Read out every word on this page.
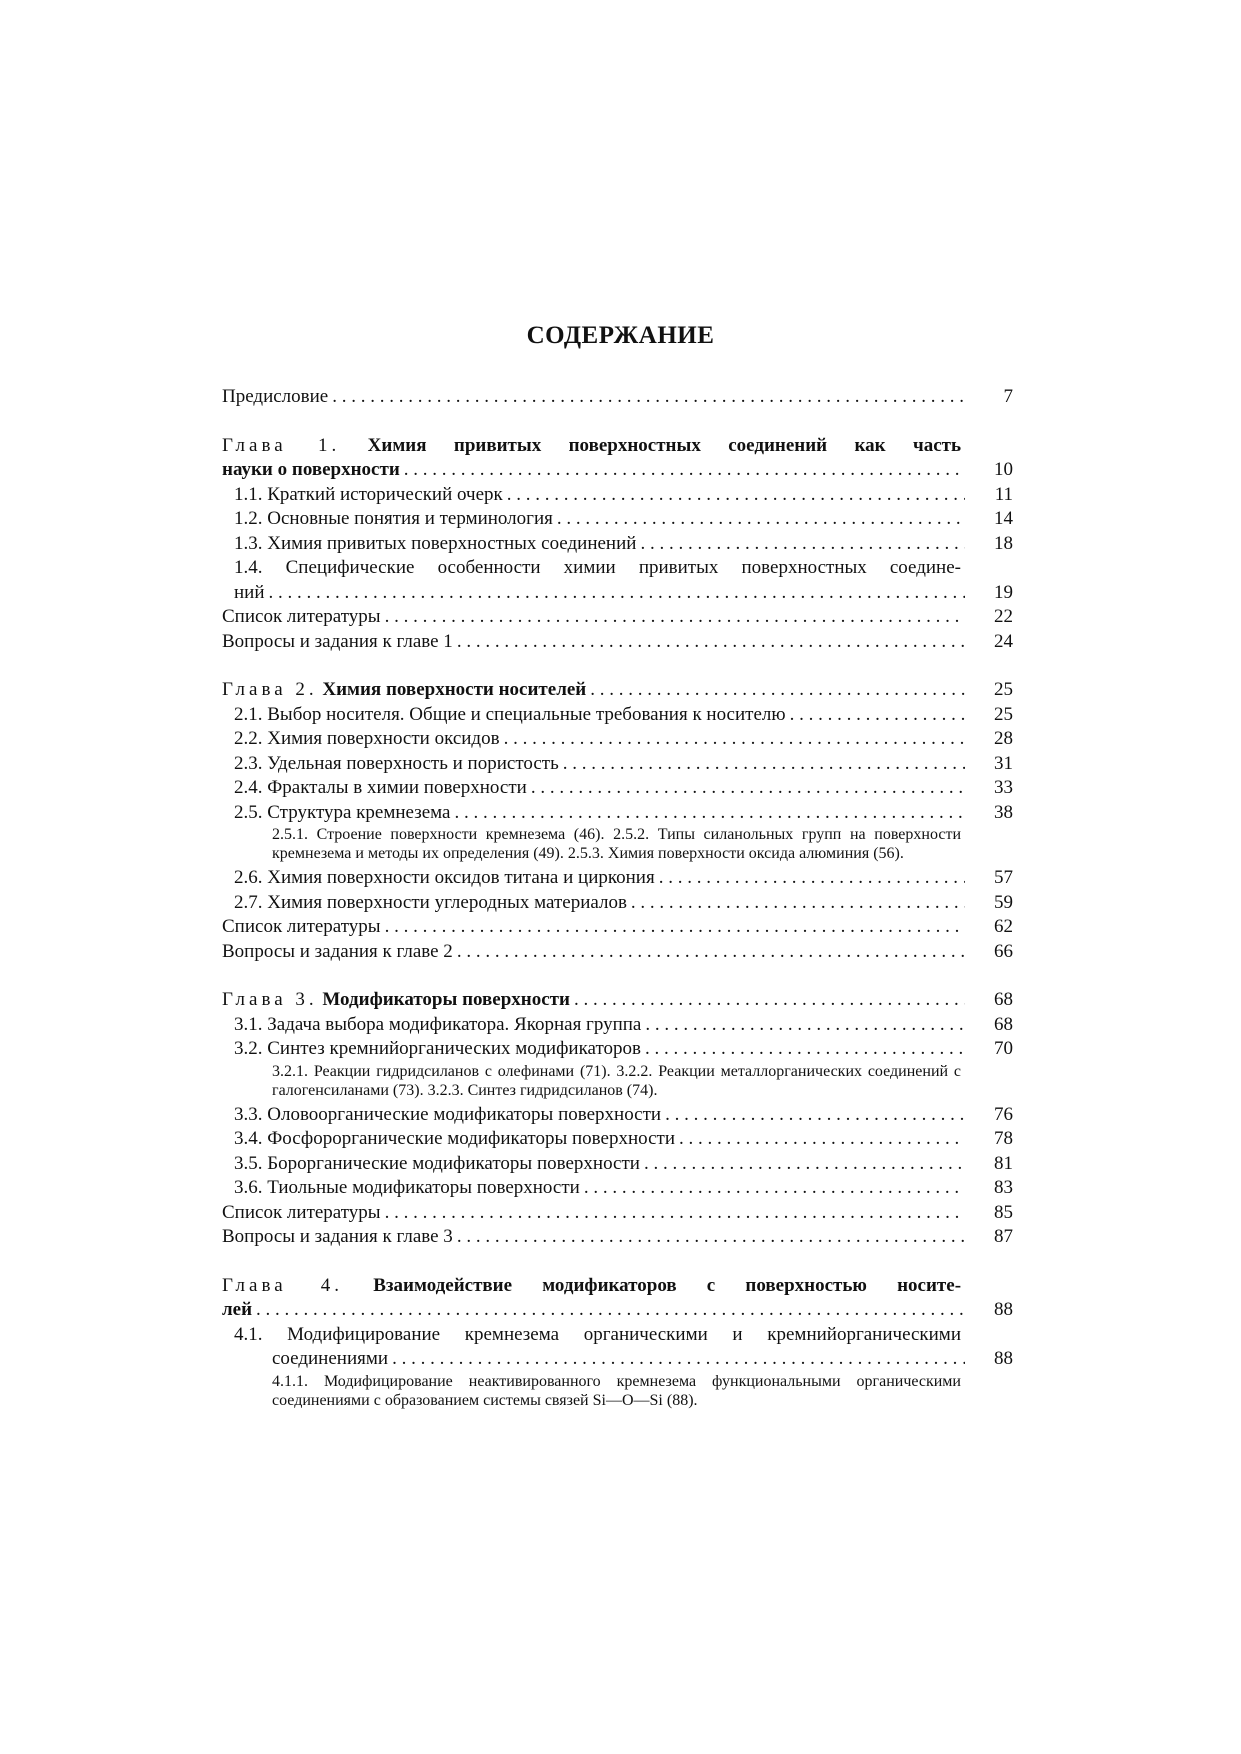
СОДЕРЖАНИЕ
Предисловие . . .	7
Глава 1. Химия привитых поверхностных соединений как часть
науки о поверхности . . .	10
1.1. Краткий исторический очерк . . .	11
1.2. Основные понятия и терминология . . .	14
1.3. Химия привитых поверхностных соединений . . .	18
1.4. Специфические особенности химии привитых поверхностных соедине-
ний . . .	19
Список литературы . . .	22
Вопросы и задания к главе 1 . . .	24
Глава 2. Химия поверхности носителей . . .	25
2.1. Выбор носителя. Общие и специальные требования к носителю . . .	25
2.2. Химия поверхности оксидов . . .	28
2.3. Удельная поверхность и пористость . . .	31
2.4. Фракталы в химии поверхности . . .	33
2.5. Структура кремнезема . . .	38
2.5.1. Строение поверхности кремнезема (46). 2.5.2. Типы силанольных групп на поверхности кремнезема и методы их определения (49). 2.5.3. Химия поверхности оксида алюминия (56).
2.6. Химия поверхности оксидов титана и циркония . . .	57
2.7. Химия поверхности углеродных материалов . . .	59
Список литературы . . .	62
Вопросы и задания к главе 2 . . .	66
Глава 3. Модификаторы поверхности . . .	68
3.1. Задача выбора модификатора. Якорная группа . . .	68
3.2. Синтез кремнийорганических модификаторов . . .	70
3.2.1. Реакции гидридсиланов с олефинами (71). 3.2.2. Реакции металлорганических соединений с галогенсиланами (73). 3.2.3. Синтез гидридсиланов (74).
3.3. Оловоорганические модификаторы поверхности . . .	76
3.4. Фосфорорганические модификаторы поверхности . . .	78
3.5. Борорганические модификаторы поверхности . . .	81
3.6. Тиольные модификаторы поверхности . . .	83
Список литературы . . .	85
Вопросы и задания к главе 3 . . .	87
Глава 4. Взаимодействие модификаторов с поверхностью носите-
лей . . .	88
4.1. Модифицирование кремнезема органическими и кремнийорганическими
соединениями . . .	88
4.1.1. Модифицирование неактивированного кремнезема функциональными органическими соединениями с образованием системы связей Si—O—Si (88).
